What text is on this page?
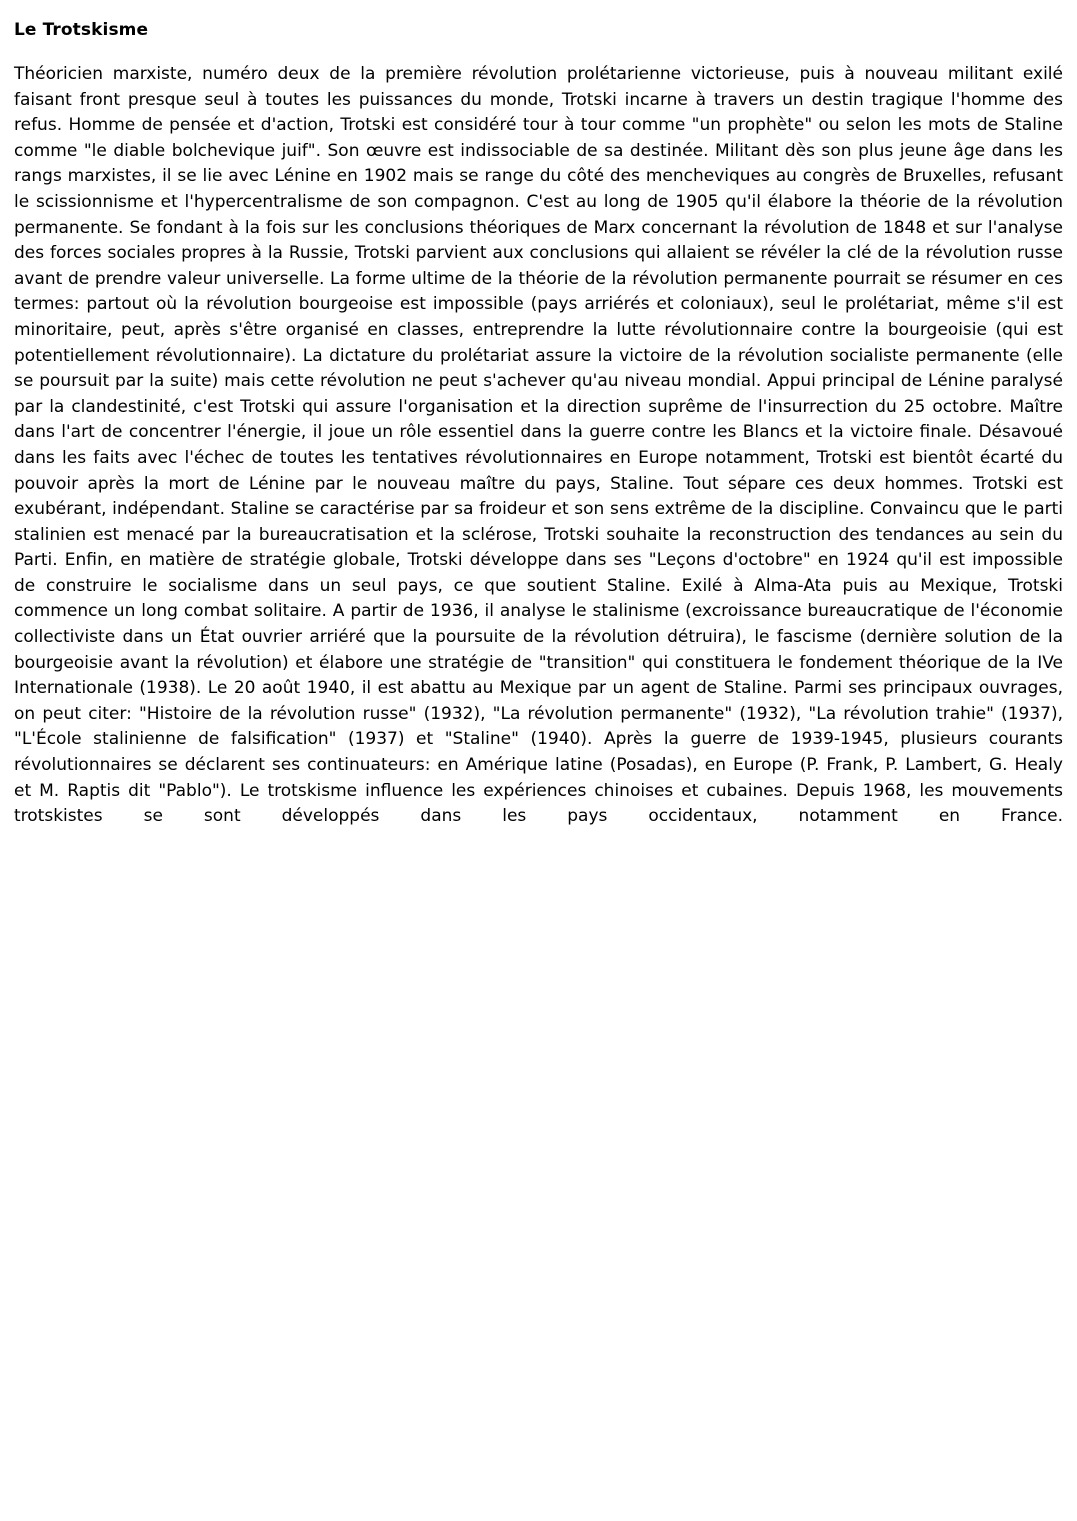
Le Trotskisme

Théoricien marxiste, numéro deux de la première révolution prolétarienne victorieuse, puis à nouveau militant exilé faisant front presque seul à toutes les puissances du monde, Trotski incarne à travers un destin tragique l'homme des refus. Homme de pensée et d'action, Trotski est considéré tour à tour comme "un prophète" ou selon les mots de Staline comme "le diable bolchevique juif". Son œuvre est indissociable de sa destinée. Militant dès son plus jeune âge dans les rangs marxistes, il se lie avec Lénine en 1902 mais se range du côté des mencheviques au congrès de Bruxelles, refusant le scissionnisme et l'hypercentralisme de son compagnon. C'est au long de 1905 qu'il élabore la théorie de la révolution permanente. Se fondant à la fois sur les conclusions théoriques de Marx concernant la révolution de 1848 et sur l'analyse des forces sociales propres à la Russie, Trotski parvient aux conclusions qui allaient se révéler la clé de la révolution russe avant de prendre valeur universelle. La forme ultime de la théorie de la révolution permanente pourrait se résumer en ces termes: partout où la révolution bourgeoise est impossible (pays arriérés et coloniaux), seul le prolétariat, même s'il est minoritaire, peut, après s'être organisé en classes, entreprendre la lutte révolutionnaire contre la bourgeoisie (qui est potentiellement révolutionnaire). La dictature du prolétariat assure la victoire de la révolution socialiste permanente (elle se poursuit par la suite) mais cette révolution ne peut s'achever qu'au niveau mondial. Appui principal de Lénine paralysé par la clandestinité, c'est Trotski qui assure l'organisation et la direction suprême de l'insurrection du 25 octobre. Maître dans l'art de concentrer l'énergie, il joue un rôle essentiel dans la guerre contre les Blancs et la victoire finale. Désavoué dans les faits avec l'échec de toutes les tentatives révolutionnaires en Europe notamment, Trotski est bientôt écarté du pouvoir après la mort de Lénine par le nouveau maître du pays, Staline. Tout sépare ces deux hommes. Trotski est exubérant, indépendant. Staline se caractérise par sa froideur et son sens extrême de la discipline. Convaincu que le parti stalinien est menacé par la bureaucratisation et la sclérose, Trotski souhaite la reconstruction des tendances au sein du Parti. Enfin, en matière de stratégie globale, Trotski développe dans ses "Leçons d'octobre" en 1924 qu'il est impossible de construire le socialisme dans un seul pays, ce que soutient Staline. Exilé à Alma-Ata puis au Mexique, Trotski commence un long combat solitaire. A partir de 1936, il analyse le stalinisme (excroissance bureaucratique de l'économie collectiviste dans un État ouvrier arriéré que la poursuite de la révolution détruira), le fascisme (dernière solution de la bourgeoisie avant la révolution) et élabore une stratégie de "transition" qui constituera le fondement théorique de la IVe Internationale (1938). Le 20 août 1940, il est abattu au Mexique par un agent de Staline. Parmi ses principaux ouvrages, on peut citer: "Histoire de la révolution russe" (1932), "La révolution permanente" (1932), "La révolution trahie" (1937), "L'École stalinienne de falsification" (1937) et "Staline" (1940). Après la guerre de 1939-1945, plusieurs courants révolutionnaires se déclarent ses continuateurs: en Amérique latine (Posadas), en Europe (P. Frank, P. Lambert, G. Healy et M. Raptis dit "Pablo"). Le trotskisme influence les expériences chinoises et cubaines. Depuis 1968, les mouvements trotskistes se sont développés dans les pays occidentaux, notamment en France.
